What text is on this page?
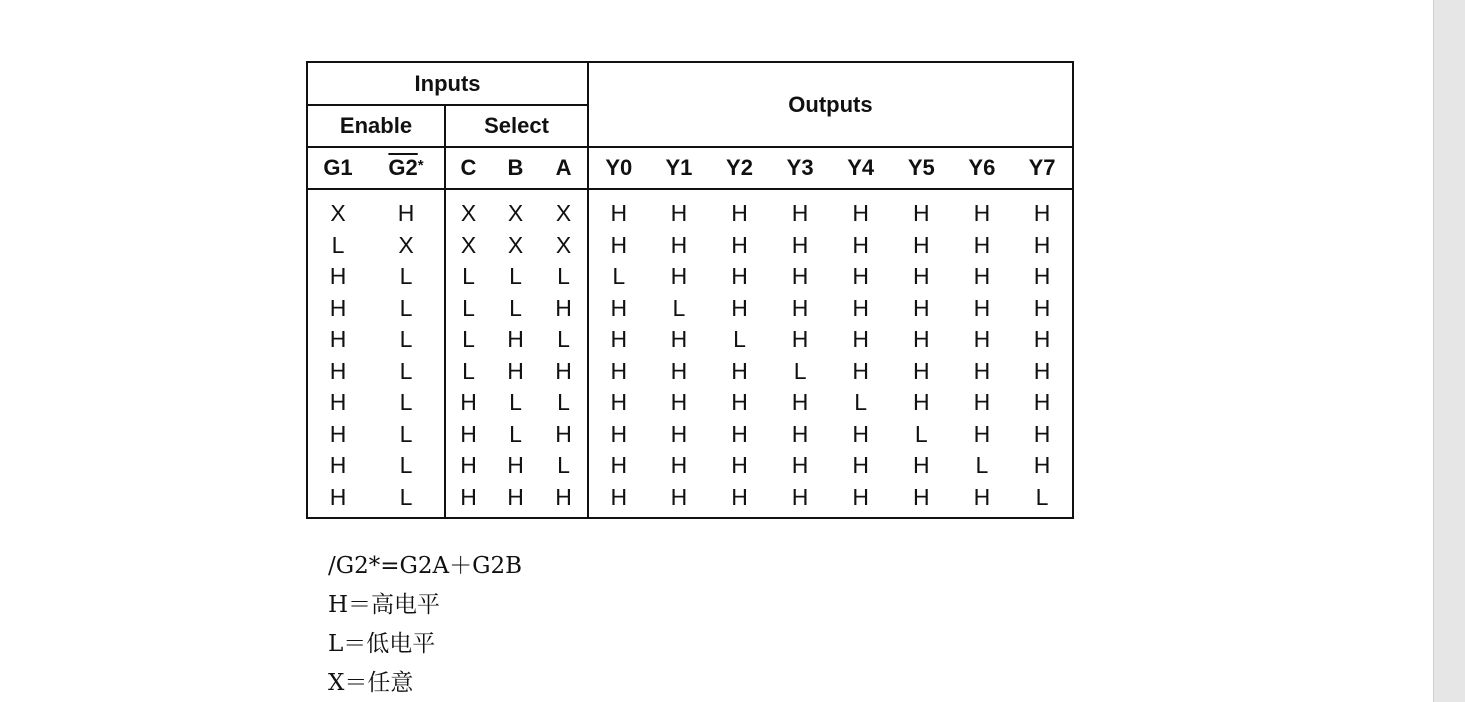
Inputs					Outputs							
Enable		Select										
G1	G2*	C	B	A	Y0	Y1	Y2	Y3	Y4	Y5	Y6	Y7
X	H	X	X	X	H	H	H	H	H	H	H	H
L	X	X	X	X	H	H	H	H	H	H	H	H
H	L	L	L	L	L	H	H	H	H	H	H	H
H	L	L	L	H	H	L	H	H	H	H	H	H
H	L	L	H	L	H	H	L	H	H	H	H	H
H	L	L	H	H	H	H	H	L	H	H	H	H
H	L	H	L	L	H	H	H	H	L	H	H	H
H	L	H	L	H	H	H	H	H	H	L	H	H
H	L	H	H	L	H	H	H	H	H	H	L	H
H	L	H	H	H	H	H	H	H	H	H	H	L
/G2*=G2A＋G2B
H＝高电平
L＝低电平
X＝任意
